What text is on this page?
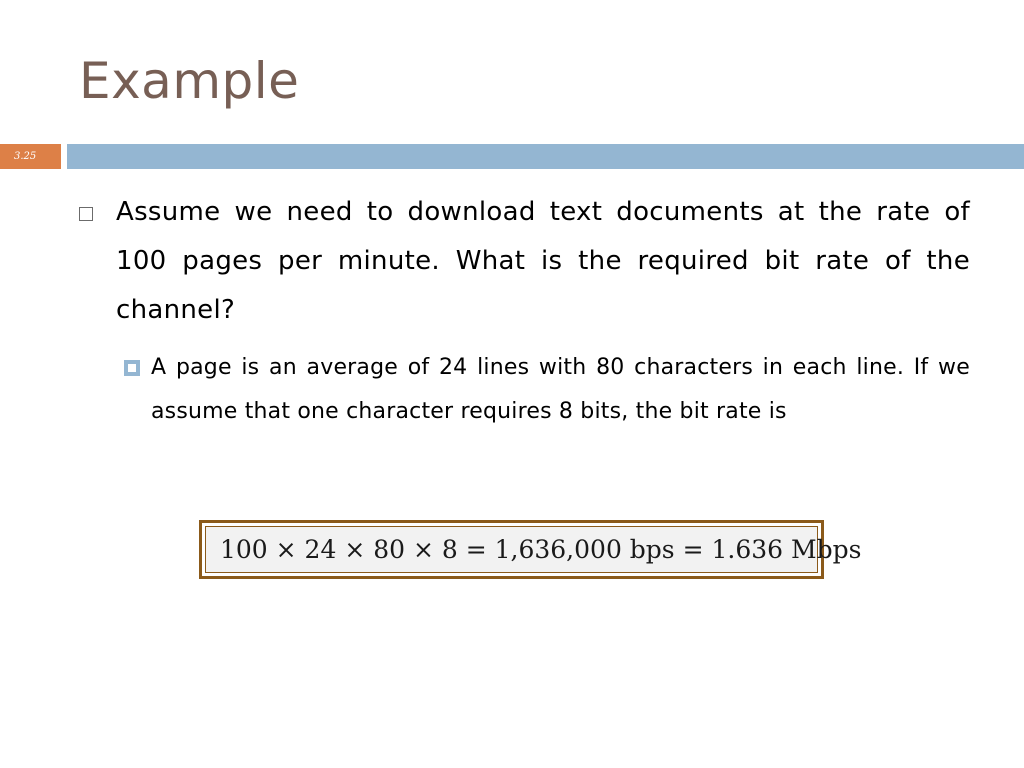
Example
3.25

Assume we need to download text documents at the rate of 100 pages per minute. What is the required bit rate of the channel?

A page is an average of 24 lines with 80 characters in each line. If we assume that one character requires 8 bits, the bit rate is

100 × 24 × 80 × 8 = 1,636,000 bps = 1.636 Mbps
